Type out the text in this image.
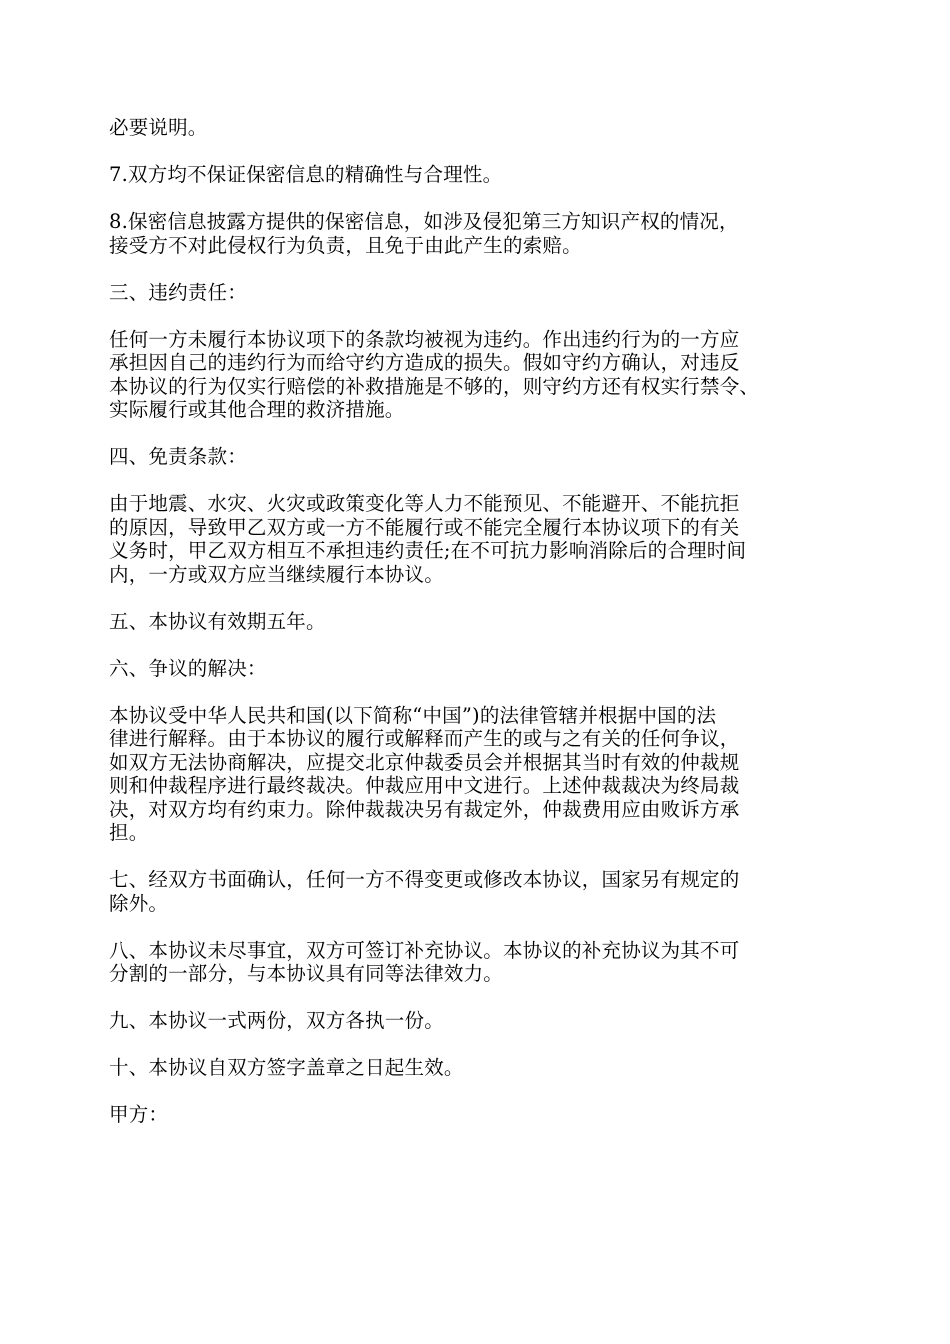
必要说明。

7.双方均不保证保密信息的精确性与合理性。

8.保密信息披露方提供的保密信息，如涉及侵犯第三方知识产权的情况，
接受方不对此侵权行为负责，且免于由此产生的索赔。

三、违约责任：

任何一方未履行本协议项下的条款均被视为违约。作出违约行为的一方应
承担因自己的违约行为而给守约方造成的损失。假如守约方确认，对违反
本协议的行为仅实行赔偿的补救措施是不够的，则守约方还有权实行禁令、
实际履行或其他合理的救济措施。

四、免责条款：

由于地震、水灾、火灾或政策变化等人力不能预见、不能避开、不能抗拒
的原因，导致甲乙双方或一方不能履行或不能完全履行本协议项下的有关
义务时，甲乙双方相互不承担违约责任;在不可抗力影响消除后的合理时间
内，一方或双方应当继续履行本协议。

五、本协议有效期五年。

六、争议的解决：

本协议受中华人民共和国(以下简称“中国”)的法律管辖并根据中国的法
律进行解释。由于本协议的履行或解释而产生的或与之有关的任何争议，
如双方无法协商解决，应提交北京仲裁委员会并根据其当时有效的仲裁规
则和仲裁程序进行最终裁决。仲裁应用中文进行。上述仲裁裁决为终局裁
决，对双方均有约束力。除仲裁裁决另有裁定外，仲裁费用应由败诉方承
担。

七、经双方书面确认，任何一方不得变更或修改本协议，国家另有规定的
除外。

八、本协议未尽事宜，双方可签订补充协议。本协议的补充协议为其不可
分割的一部分，与本协议具有同等法律效力。

九、本协议一式两份，双方各执一份。

十、本协议自双方签字盖章之日起生效。

甲方：
